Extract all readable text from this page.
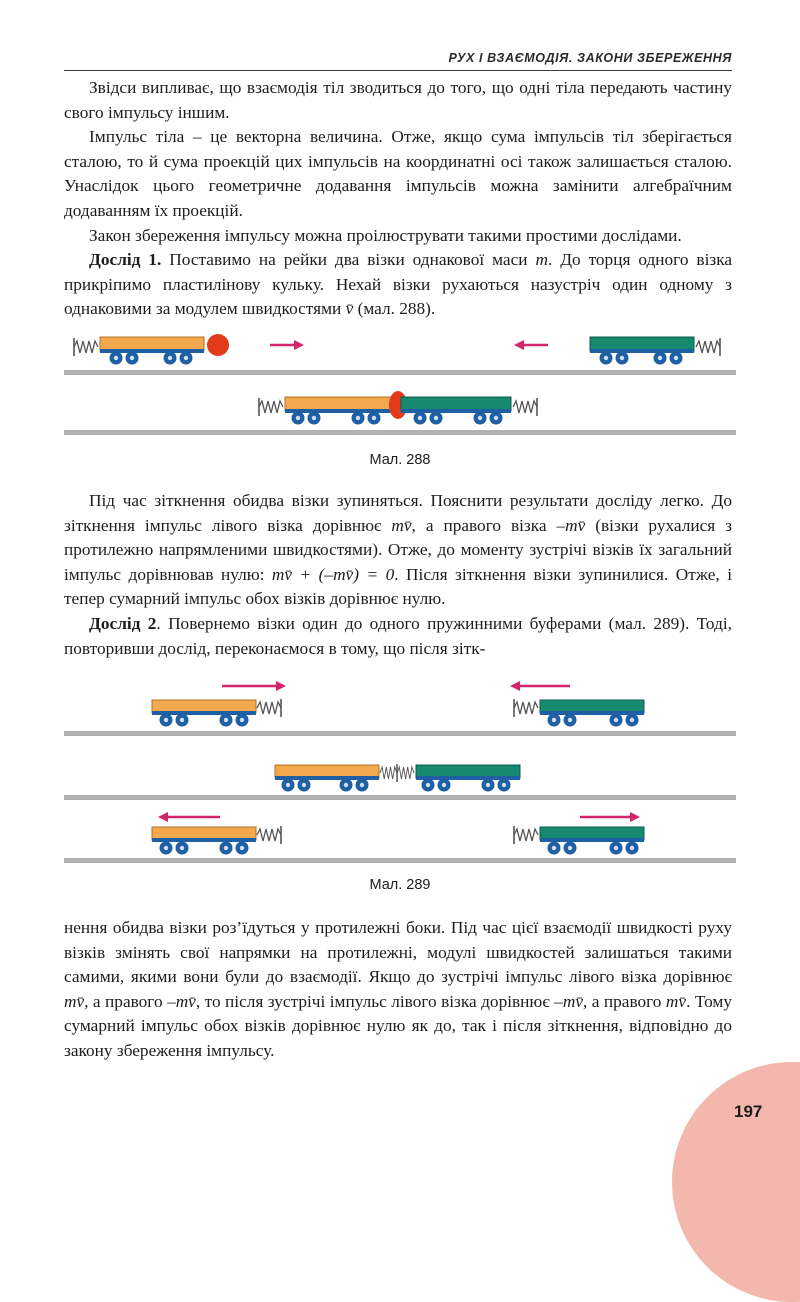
РУХ І ВЗАЄМОДІЯ. ЗАКОНИ ЗБЕРЕЖЕННЯ

Звідси випливає, що взаємодія тіл зводиться до того, що одні тіла передають частину свого імпульсу іншим.

Імпульс тіла – це векторна величина. Отже, якщо сума імпульсів тіл зберігається сталою, то й сума проекцій цих імпульсів на координатні осі також залишається сталою. Унаслідок цього геометричне додавання імпульсів можна замінити алгебраїчним додаванням їх проекцій.

Закон збереження імпульсу можна проілюструвати такими простими дослідами.

Дослід 1. Поставимо на рейки два візки однакової маси m. До торця одного візка прикріпимо пластилінову кульку. Нехай візки рухаються назустріч один одному з однаковими за модулем швидкостями v̄ (мал. 288).

Мал. 288

Під час зіткнення обидва візки зупиняться. Пояснити результати досліду легко. До зіткнення імпульс лівого візка дорівнює mv̄, а правого візка –mv̄ (візки рухалися з протилежно напрямленими швидкостями). Отже, до моменту зустрічі візків їх загальний імпульс дорівнював нулю: mv̄ + (–mv̄) = 0. Після зіткнення візки зупинилися. Отже, і тепер сумарний імпульс обох візків дорівнює нулю.

Дослід 2. Повернемо візки один до одного пружинними буферами (мал. 289). Тоді, повторивши дослід, переконаємося в тому, що після зітк-

Мал. 289

нення обидва візки роз’їдуться у протилежні боки. Під час цієї взаємодії швидкості руху візків змінять свої напрямки на протилежні, модулі швидкостей залишаться такими самими, якими вони були до взаємодії. Якщо до зустрічі імпульс лівого візка дорівнює mv̄, а правого –mv̄, то після зустрічі імпульс лівого візка дорівнює –mv̄, а правого mv̄. Тому сумарний імпульс обох візків дорівнює нулю як до, так і після зіткнення, відповідно до закону збереження імпульсу.

197
